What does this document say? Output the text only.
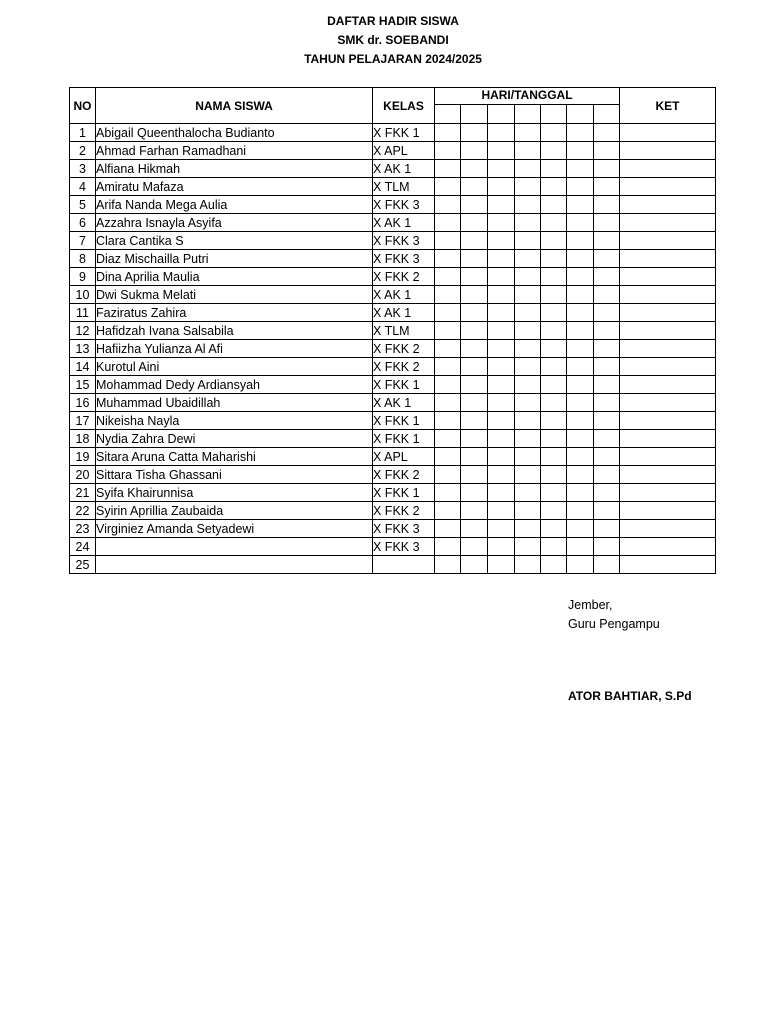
DAFTAR HADIR SISWA
SMK dr. SOEBANDI
TAHUN PELAJARAN 2024/2025
NO	NAMA SISWA	KELAS	HARI/TANGGAL							KET

1	Abigail Queenthalocha Budianto	X FKK 1								
2	Ahmad Farhan Ramadhani	X APL								
3	Alfiana Hikmah	X AK 1								
4	Amiratu Mafaza	X TLM								
5	Arifa Nanda Mega Aulia	X FKK 3								
6	Azzahra Isnayla Asyifa	X AK 1								
7	Clara Cantika S	X FKK 3								
8	Diaz Mischailla Putri	X FKK 3								
9	Dina Aprilia Maulia	X FKK 2								
10	Dwi Sukma Melati	X AK 1								
11	Faziratus Zahira	X AK 1								
12	Hafidzah Ivana Salsabila	X TLM								
13	Hafiizha Yulianza Al Afi	X FKK 2								
14	Kurotul Aini	X FKK 2								
15	Mohammad Dedy Ardiansyah	X FKK 1								
16	Muhammad Ubaidillah	X AK 1								
17	Nikeisha Nayla	X FKK 1								
18	Nydia Zahra Dewi	X FKK 1								
19	Sitara Aruna Catta Maharishi	X APL								
20	Sittara Tisha Ghassani	X FKK 2								
21	Syifa Khairunnisa	X FKK 1								
22	Syirin Aprillia Zaubaida	X FKK 2								
23	Virginiez Amanda Setyadewi	X FKK 3								
24		X FKK 3								
25										
Jember,
Guru Pengampu
ATOR BAHTIAR, S.Pd
